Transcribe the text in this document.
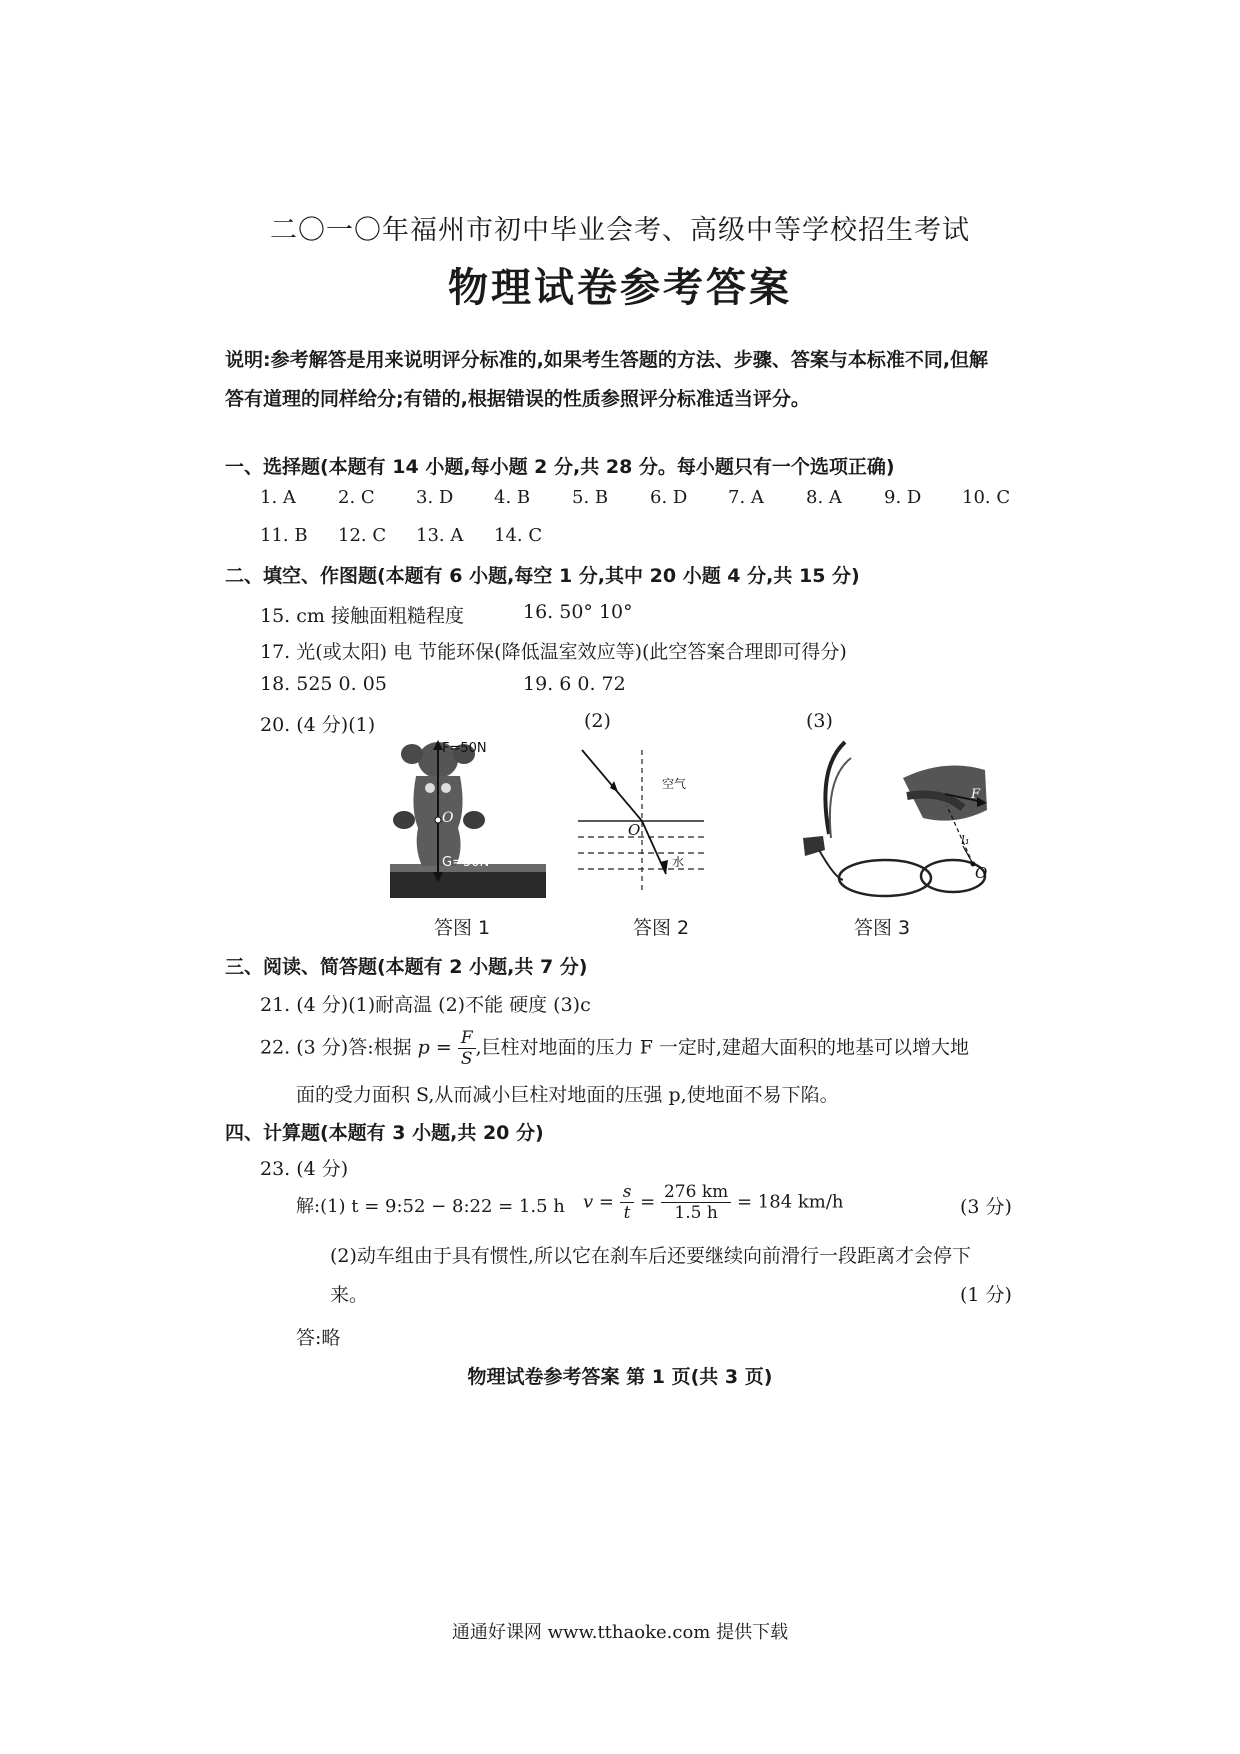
二〇一〇年福州市初中毕业会考、高级中等学校招生考试
物理试卷参考答案
说明:参考解答是用来说明评分标准的,如果考生答题的方法、步骤、答案与本标准不同,但解
答有道理的同样给分;有错的,根据错误的性质参照评分标准适当评分。
一、选择题(本题有 14 小题,每小题 2 分,共 28 分。每小题只有一个选项正确)
1. A 2. C 3. D 4. B 5. B 6. D 7. A 8. A 9. D 10. C
11. B 12. C 13. A 14. C
二、填空、作图题(本题有 6 小题,每空 1 分,其中 20 小题 4 分,共 15 分)
15. cm 接触面粗糙程度	16. 50° 10°
17. 光(或太阳) 电 节能环保(降低温室效应等)(此空答案合理即可得分)
18. 525 0. 05	19. 6 0. 72
20. (4 分)(1)	(2)	(3)
F=50N
O
G=50N
答图 1
O
空气
水
答图 2
F
l₁
O
答图 3
三、阅读、简答题(本题有 2 小题,共 7 分)
21. (4 分)(1)耐高温 (2)不能 硬度 (3)c
22. (3 分)答:根据 $p = \frac{F}{S}$ ,巨柱对地面的压力 F 一定时,建超大面积的地基可以增大地
面的受力面积 S,从而减小巨柱对地面的压强 p,使地面不易下陷。
四、计算题(本题有 3 小题,共 20 分)
23. (4 分)
解:(1) t = 9:52 − 8:22 = 1.5 h $v = \frac{s}{t} = \frac{276 km}{1.5 h} = 184$ km/h	(3 分)
(2)动车组由于具有惯性,所以它在刹车后还要继续向前滑行一段距离才会停下
来。	(1 分)
答:略
物理试卷参考答案 第 1 页(共 3 页)
通通好课网 www.tthaoke.com 提供下载
